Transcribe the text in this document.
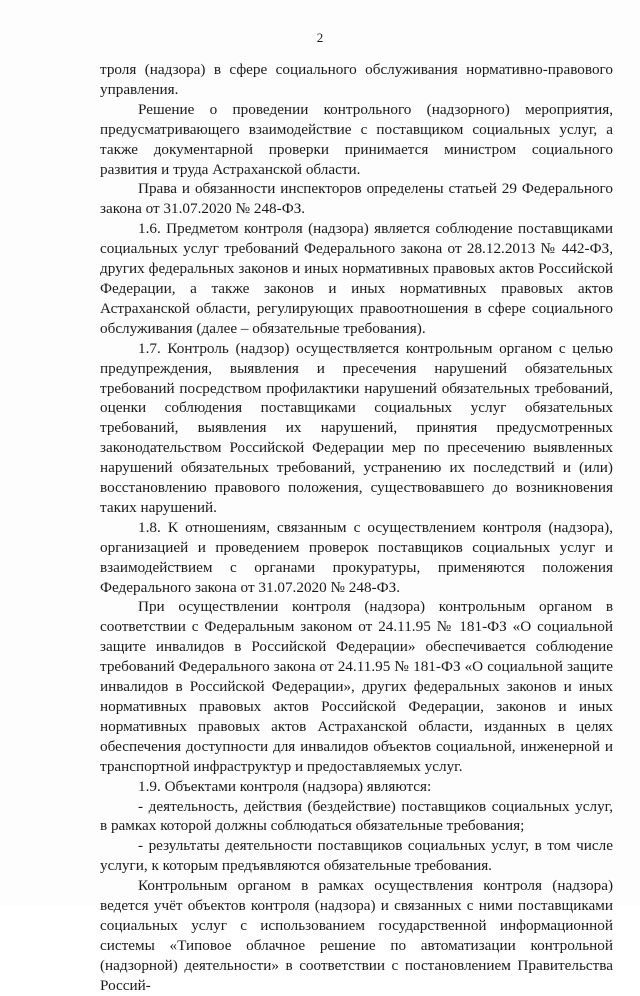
2

троля (надзора) в сфере социального обслуживания нормативно-правового управления.

Решение о проведении контрольного (надзорного) мероприятия, предусматривающего взаимодействие с поставщиком социальных услуг, а также документарной проверки принимается министром социального развития и труда Астраханской области.

Права и обязанности инспекторов определены статьей 29 Федерального закона от 31.07.2020 № 248-ФЗ.

1.6. Предметом контроля (надзора) является соблюдение поставщиками социальных услуг требований Федерального закона от 28.12.2013 № 442-ФЗ, других федеральных законов и иных нормативных правовых актов Российской Федерации, а также законов и иных нормативных правовых актов Астраханской области, регулирующих правоотношения в сфере социального обслуживания (далее – обязательные требования).

1.7. Контроль (надзор) осуществляется контрольным органом с целью предупреждения, выявления и пресечения нарушений обязательных требований посредством профилактики нарушений обязательных требований, оценки соблюдения поставщиками социальных услуг обязательных требований, выявления их нарушений, принятия предусмотренных законодательством Российской Федерации мер по пресечению выявленных нарушений обязательных требований, устранению их последствий и (или) восстановлению правового положения, существовавшего до возникновения таких нарушений.

1.8. К отношениям, связанным с осуществлением контроля (надзора), организацией и проведением проверок поставщиков социальных услуг и взаимодействием с органами прокуратуры, применяются положения Федерального закона от 31.07.2020 № 248-ФЗ.

При осуществлении контроля (надзора) контрольным органом в соответствии с Федеральным законом от 24.11.95 № 181-ФЗ «О социальной защите инвалидов в Российской Федерации» обеспечивается соблюдение требований Федерального закона от 24.11.95 № 181-ФЗ «О социальной защите инвалидов в Российской Федерации», других федеральных законов и иных нормативных правовых актов Российской Федерации, законов и иных нормативных правовых актов Астраханской области, изданных в целях обеспечения доступности для инвалидов объектов социальной, инженерной и транспортной инфраструктур и предоставляемых услуг.

1.9. Объектами контроля (надзора) являются:

- деятельность, действия (бездействие) поставщиков социальных услуг, в рамках которой должны соблюдаться обязательные требования;

- результаты деятельности поставщиков социальных услуг, в том числе услуги, к которым предъявляются обязательные требования.

Контрольным органом в рамках осуществления контроля (надзора) ведется учёт объектов контроля (надзора) и связанных с ними поставщиками социальных услуг с использованием государственной информационной системы «Типовое облачное решение по автоматизации контрольной (надзорной) деятельности» в соответствии с постановлением Правительства Россий-
